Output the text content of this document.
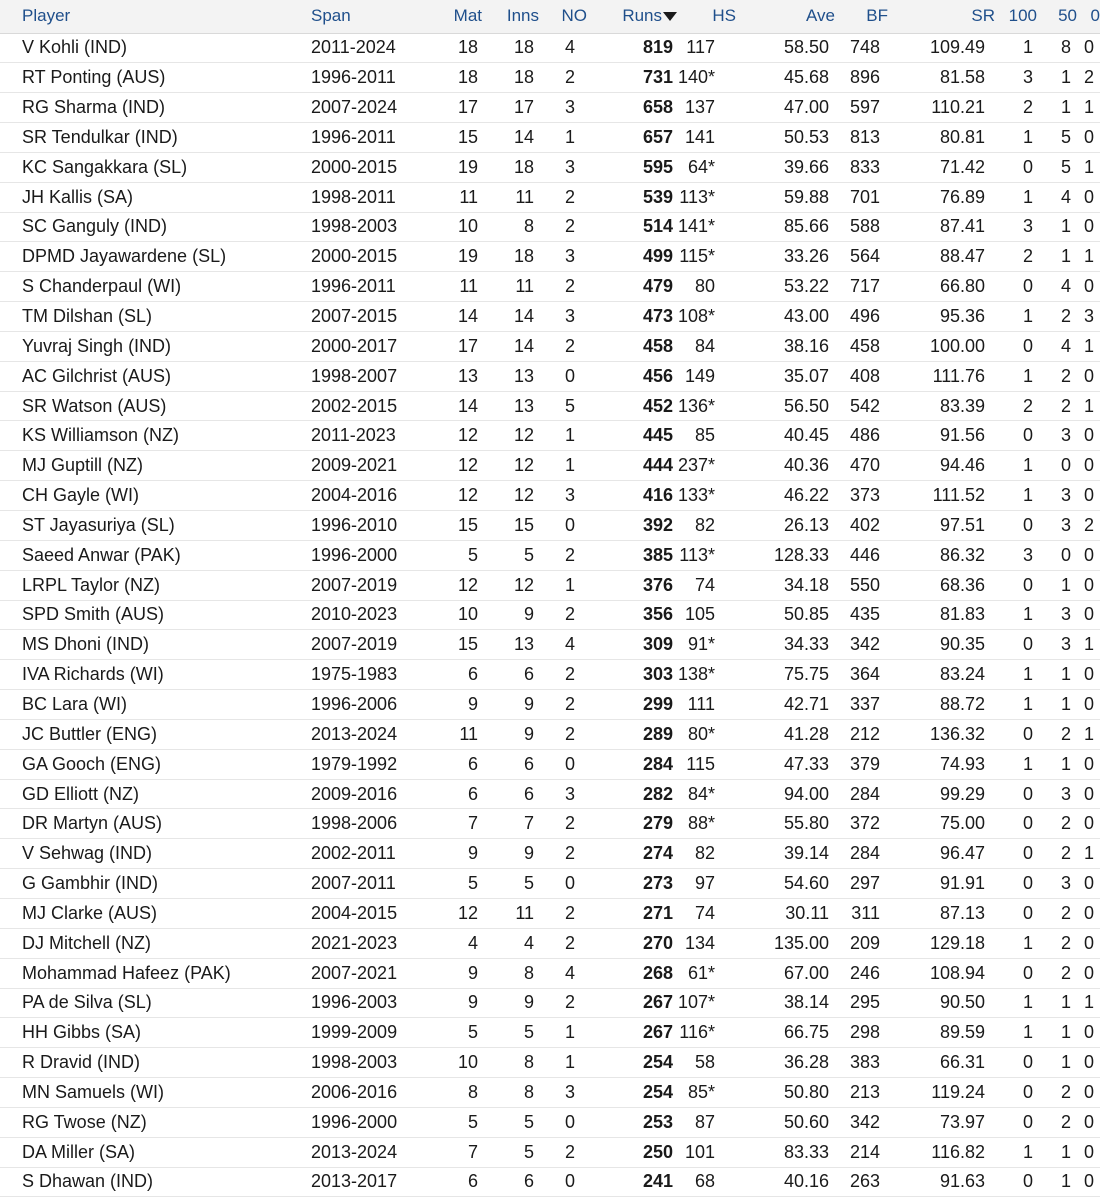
Player	Span	Mat	Inns	NO	Runs	HS	Ave	BF	SR	100	50	0	
V Kohli (IND)	2011-2024	18	18	4	819	117	58.50	748	109.49	1	8	0	
RT Ponting (AUS)	1996-2011	18	18	2	731	140*	45.68	896	81.58	3	1	2	
RG Sharma (IND)	2007-2024	17	17	3	658	137	47.00	597	110.21	2	1	1	
SR Tendulkar (IND)	1996-2011	15	14	1	657	141	50.53	813	80.81	1	5	0	
KC Sangakkara (SL)	2000-2015	19	18	3	595	64*	39.66	833	71.42	0	5	1	
JH Kallis (SA)	1998-2011	11	11	2	539	113*	59.88	701	76.89	1	4	0	
SC Ganguly (IND)	1998-2003	10	8	2	514	141*	85.66	588	87.41	3	1	0	
DPMD Jayawardene (SL)	2000-2015	19	18	3	499	115*	33.26	564	88.47	2	1	1	
S Chanderpaul (WI)	1996-2011	11	11	2	479	80	53.22	717	66.80	0	4	0	
TM Dilshan (SL)	2007-2015	14	14	3	473	108*	43.00	496	95.36	1	2	3	
Yuvraj Singh (IND)	2000-2017	17	14	2	458	84	38.16	458	100.00	0	4	1	
AC Gilchrist (AUS)	1998-2007	13	13	0	456	149	35.07	408	111.76	1	2	0	
SR Watson (AUS)	2002-2015	14	13	5	452	136*	56.50	542	83.39	2	2	1	
KS Williamson (NZ)	2011-2023	12	12	1	445	85	40.45	486	91.56	0	3	0	
MJ Guptill (NZ)	2009-2021	12	12	1	444	237*	40.36	470	94.46	1	0	0	
CH Gayle (WI)	2004-2016	12	12	3	416	133*	46.22	373	111.52	1	3	0	
ST Jayasuriya (SL)	1996-2010	15	15	0	392	82	26.13	402	97.51	0	3	2	
Saeed Anwar (PAK)	1996-2000	5	5	2	385	113*	128.33	446	86.32	3	0	0	
LRPL Taylor (NZ)	2007-2019	12	12	1	376	74	34.18	550	68.36	0	1	0	
SPD Smith (AUS)	2010-2023	10	9	2	356	105	50.85	435	81.83	1	3	0	
MS Dhoni (IND)	2007-2019	15	13	4	309	91*	34.33	342	90.35	0	3	1	
IVA Richards (WI)	1975-1983	6	6	2	303	138*	75.75	364	83.24	1	1	0	
BC Lara (WI)	1996-2006	9	9	2	299	111	42.71	337	88.72	1	1	0	
JC Buttler (ENG)	2013-2024	11	9	2	289	80*	41.28	212	136.32	0	2	1	
GA Gooch (ENG)	1979-1992	6	6	0	284	115	47.33	379	74.93	1	1	0	
GD Elliott (NZ)	2009-2016	6	6	3	282	84*	94.00	284	99.29	0	3	0	
DR Martyn (AUS)	1998-2006	7	7	2	279	88*	55.80	372	75.00	0	2	0	
V Sehwag (IND)	2002-2011	9	9	2	274	82	39.14	284	96.47	0	2	1	
G Gambhir (IND)	2007-2011	5	5	0	273	97	54.60	297	91.91	0	3	0	
MJ Clarke (AUS)	2004-2015	12	11	2	271	74	30.11	311	87.13	0	2	0	
DJ Mitchell (NZ)	2021-2023	4	4	2	270	134	135.00	209	129.18	1	2	0	
Mohammad Hafeez (PAK)	2007-2021	9	8	4	268	61*	67.00	246	108.94	0	2	0	
PA de Silva (SL)	1996-2003	9	9	2	267	107*	38.14	295	90.50	1	1	1	
HH Gibbs (SA)	1999-2009	5	5	1	267	116*	66.75	298	89.59	1	1	0	
R Dravid (IND)	1998-2003	10	8	1	254	58	36.28	383	66.31	0	1	0	
MN Samuels (WI)	2006-2016	8	8	3	254	85*	50.80	213	119.24	0	2	0	
RG Twose (NZ)	1996-2000	5	5	0	253	87	50.60	342	73.97	0	2	0	
DA Miller (SA)	2013-2024	7	5	2	250	101	83.33	214	116.82	1	1	0	
S Dhawan (IND)	2013-2017	6	6	0	241	68	40.16	263	91.63	0	1	0	
